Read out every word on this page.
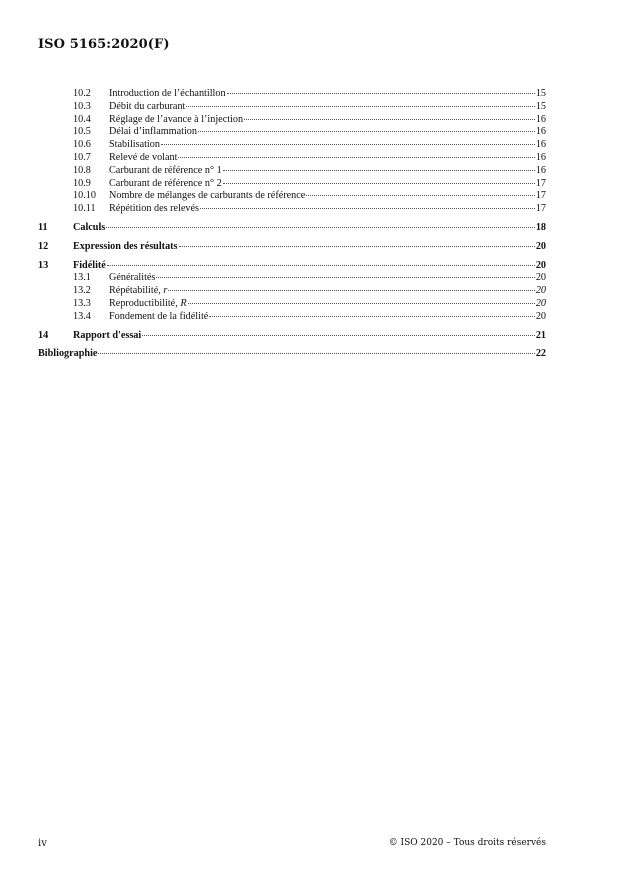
ISO 5165:2020(F)
10.2	Introduction de l’échantillon	15
10.3	Débit du carburant	15
10.4	Réglage de l’avance à l’injection	16
10.5	Délai d’inflammation	16
10.6	Stabilisation	16
10.7	Relevé de volant	16
10.8	Carburant de référence n° 1	16
10.9	Carburant de référence n° 2	17
10.10	Nombre de mélanges de carburants de référence	17
10.11	Répétition des relevés	17
11	Calculs	18
12	Expression des résultats	20
13	Fidélité	20
13.1	Généralités	20
13.2	Répétabilité, r	20
13.3	Reproductibilité, R	20
13.4	Fondement de la fidélité	20
14	Rapport d'essai	21
Bibliographie	22
iv	© ISO 2020 – Tous droits réservés
